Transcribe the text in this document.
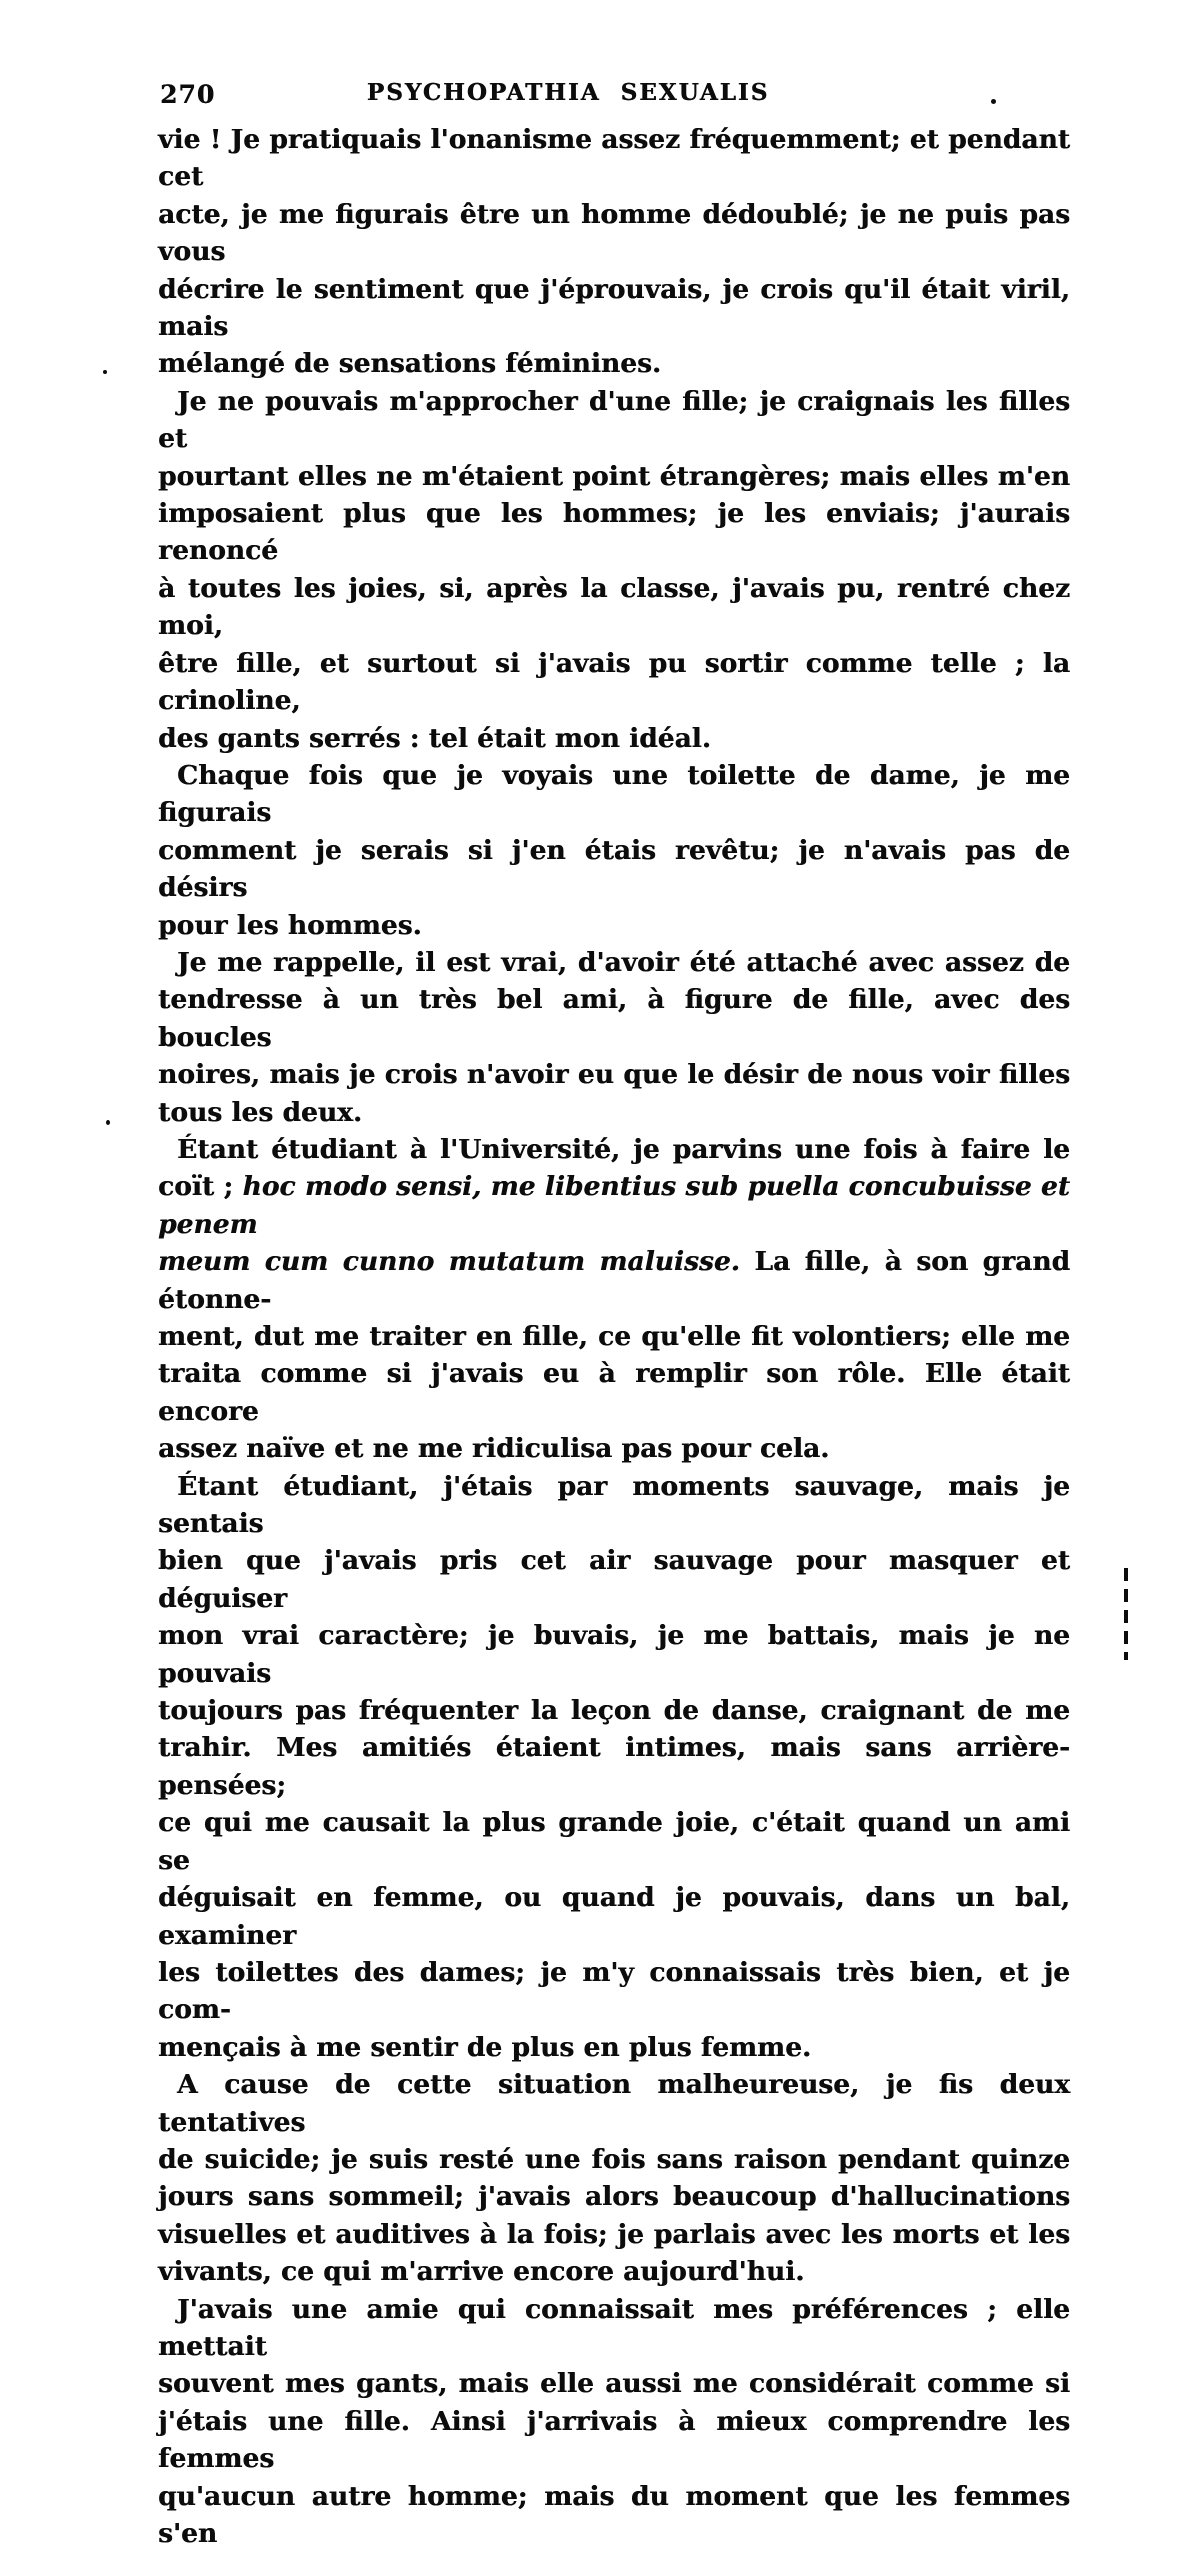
270	PSYCHOPATHIA SEXUALIS
vie ! Je pratiquais l'onanisme assez fréquemment; et pendant cet
acte, je me figurais être un homme dédoublé; je ne puis pas vous
décrire le sentiment que j'éprouvais, je crois qu'il était viril, mais
mélangé de sensations féminines.
Je ne pouvais m'approcher d'une fille; je craignais les filles et
pourtant elles ne m'étaient point étrangères; mais elles m'en
imposaient plus que les hommes; je les enviais; j'aurais renoncé
à toutes les joies, si, après la classe, j'avais pu, rentré chez moi,
être fille, et surtout si j'avais pu sortir comme telle ; la crinoline,
des gants serrés : tel était mon idéal.
Chaque fois que je voyais une toilette de dame, je me figurais
comment je serais si j'en étais revêtu; je n'avais pas de désirs
pour les hommes.
Je me rappelle, il est vrai, d'avoir été attaché avec assez de
tendresse à un très bel ami, à figure de fille, avec des boucles
noires, mais je crois n'avoir eu que le désir de nous voir filles
tous les deux.
Étant étudiant à l'Université, je parvins une fois à faire le
coït ; hoc modo sensi, me libentius sub puella concubuisse et penem
meum cum cunno mutatum maluisse. La fille, à son grand étonne-
ment, dut me traiter en fille, ce qu'elle fit volontiers; elle me
traita comme si j'avais eu à remplir son rôle. Elle était encore
assez naïve et ne me ridiculisa pas pour cela.
Étant étudiant, j'étais par moments sauvage, mais je sentais
bien que j'avais pris cet air sauvage pour masquer et déguiser
mon vrai caractère; je buvais, je me battais, mais je ne pouvais
toujours pas fréquenter la leçon de danse, craignant de me
trahir. Mes amitiés étaient intimes, mais sans arrière-pensées;
ce qui me causait la plus grande joie, c'était quand un ami se
déguisait en femme, ou quand je pouvais, dans un bal, examiner
les toilettes des dames; je m'y connaissais très bien, et je com-
mençais à me sentir de plus en plus femme.
A cause de cette situation malheureuse, je fis deux tentatives
de suicide; je suis resté une fois sans raison pendant quinze
jours sans sommeil; j'avais alors beaucoup d'hallucinations
visuelles et auditives à la fois; je parlais avec les morts et les
vivants, ce qui m'arrive encore aujourd'hui.
J'avais une amie qui connaissait mes préférences ; elle mettait
souvent mes gants, mais elle aussi me considérait comme si
j'étais une fille. Ainsi j'arrivais à mieux comprendre les femmes
qu'aucun autre homme; mais du moment que les femmes s'en
